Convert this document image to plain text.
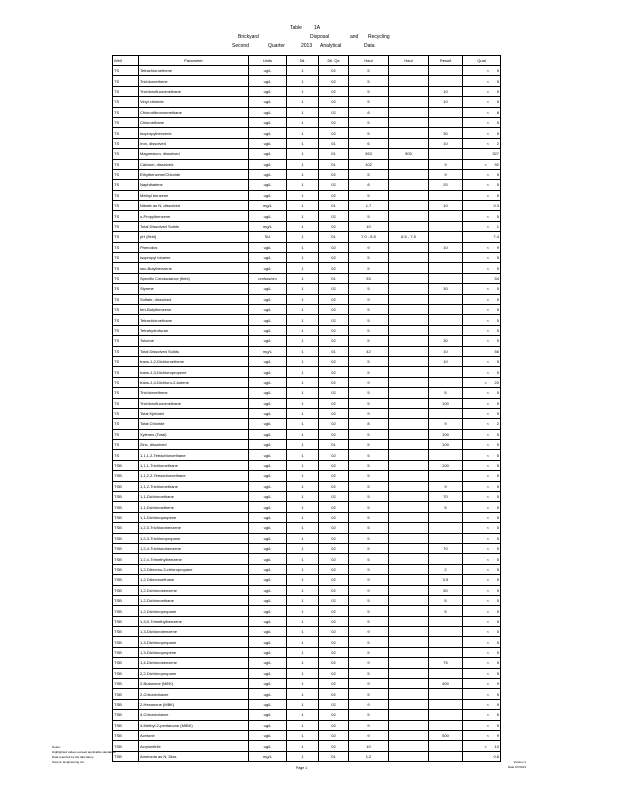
Table 1A
Brickyard	Disposal	and Recycling
Second	Quarter	2013 Analytical	Data
Well	Parameter	Units	Dil.	Dil. Qs	Haul	Haul	Result	Qual
TS	Tetrachloroethene	ug/L	1	02	5			< 5
TS	Trichloroethene	ug/L	1	02	5			< 5
TS	Trichlorofluoromethane	ug/L	1	02	5		10	< 5
TS	Vinyl chloride	ug/L	1	02	5		10	< 5
TS	Chlorodibromomethane	ug/L	1	02	8			< 8
TS	Chloroethane	ug/L	1	02	5			< 5
TS	Isopropylbenzene	ug/L	1	02	5		30	< 5
TS	Iron, dissolved	ug/L	1	01	6		10	< 2
TS	Magnesium, dissolved	ug/L	1	01	263	500		327
TS	Calcium, dissolved	ug/L	1	01	102		9	< 92
TS	Ethylbenzene/Chloride	ug/L	1	02	5		9	< 5
TS	Naphthalene	ug/L	1	02	8		20	< 5
TS	Methyl benzene	ug/L	1	02	5			< 5
TS	Nitrate as N, dissolved	mg/L	1	01	1.7		10	0.3
TS	o-Propylbenzene	ug/L	1	02	5			< 5
TS	Total Dissolved Solids	mg/L	1	02	10			< 1
TS	pH (field)	SU	1	01	7.0 - 8.5	6.5 - 7.5		7.4
TS	Phenolics	ug/L	1	02	9		10	< 9
TS	Isopropyl toluene	ug/L	1	02	5			< 5
TS	sec-Butylbenzene	ug/L	1	02	5			< 5
TS	Specific Conductance (field)	umhos/cm	1	01	53			54
TS	Styrene	ug/L	1	02	5		30	< 5
TS	Sulfate, dissolved	ug/L	1	02	9			< 5
TS	tert-Butylbenzene	ug/L	1	02	5			< 5
TS	Tetrachloroethane	ug/L	1	02	5			< 5
TS	Tetrahydrofuran	ug/L	1	02	5			< 5
TS	Toluene	ug/L	1	02	5		30	< 5
TS	Total Dissolved Solids	mg/L	1	01	42		10	56
TS	trans-1,2-Dichloroethene	ug/L	1	02	5		10	< 5
TS	trans-1,3-Dichloropropene	ug/L	1	02	5			< 5
TS	trans-1,4-Dichloro-2-butene	ug/L	1	02	9			< 20
TS	Trichloroethene	ug/L	1	02	5		5	< 5
TS	Trichlorofluoromethane	ug/L	1	02	5		100	< 5
TS	Total Kjeldahl	ug/L	1	02	9			< 9
TS	Total Chloride	ug/L	1	02	8		9	< 2
TS	Xylenes (Total)	ug/L	1	02	5		100	< 5
TS	Zinc, dissolved	ug/L	1	01	5		100	< 5
TS	1,1,1,2-Tetrachloroethane	ug/L	1	02	5			< 5
TSB	1,1,1-Trichloroethane	ug/L	1	02	5		100	< 5
TSB	1,1,2,2-Tetrachloroethane	ug/L	1	02	5			< 5
TSB	1,1,2-Trichloroethane	ug/L	1	02	5		9	< 5
TSB	1,1-Dichloroethane	ug/L	1	02	5		70	< 5
TSB	1,1-Dichloroethene	ug/L	1	02	5		5	< 5
TSB	1,1-Dichloropropene	ug/L	1	02	5			< 5
TSB	1,2,3-Trichlorobenzene	ug/L	1	02	5			< 5
TSB	1,2,3-Trichloropropane	ug/L	1	02	5			< 5
TSB	1,2,4-Trichlorobenzene	ug/L	1	02	5		70	< 5
TSB	1,2,4-Trimethylbenzene	ug/L	1	02	5			< 5
TSB	1,2-Dibromo-3-chloropropane	ug/L	1	02	9		2	< 5
TSB	1,2-Dibromoethane	ug/L	1	02	9		0.5	< 5
TSB	1,2-Dichlorobenzene	ug/L	1	02	9		50	< 5
TSB	1,2-Dichloroethane	ug/L	1	02	5		5	< 5
TSB	1,2-Dichloropropane	ug/L	1	02	5		5	< 5
TSB	1,3,5-Trimethylbenzene	ug/L	1	02	5			< 5
TSB	1,3-Dichlorobenzene	ug/L	1	02	9			< 5
TSB	1,3-Dichloropropane	ug/L	1	02	5			< 5
TSB	1,3-Dichloropropene	ug/L	1	02	5			< 5
TSB	1,4-Dichlorobenzene	ug/L	1	02	9		75	< 5
TSB	2,2-Dichloropropane	ug/L	1	02	5			< 5
TSB	2-Butanone (MEK)	ug/L	1	02	9		400	< 9
TSB	2-Chlorotoluene	ug/L	1	02	5			< 5
TSB	2-Hexanone (MBK)	ug/L	1	02	9			< 9
TSB	4-Chlorotoluene	ug/L	1	02	5			< 5
TSB	4-Methyl-2-pentanone (MIBK)	ug/L	1	02	9			< 9
TSB	Acetone	ug/L	1	02	9		500	< 9
TSB	Acrylonitrile	ug/L	1	02	10			< 10
TSB	Ammonia as N, Diss.	mg/L	1	01	1.2			0.8
Notes:
Highlighted values exceed applicable standards.
Data reported by the laboratory.
Source: Engineering Inc.
Page 1
Version 1
Date 07/2013
